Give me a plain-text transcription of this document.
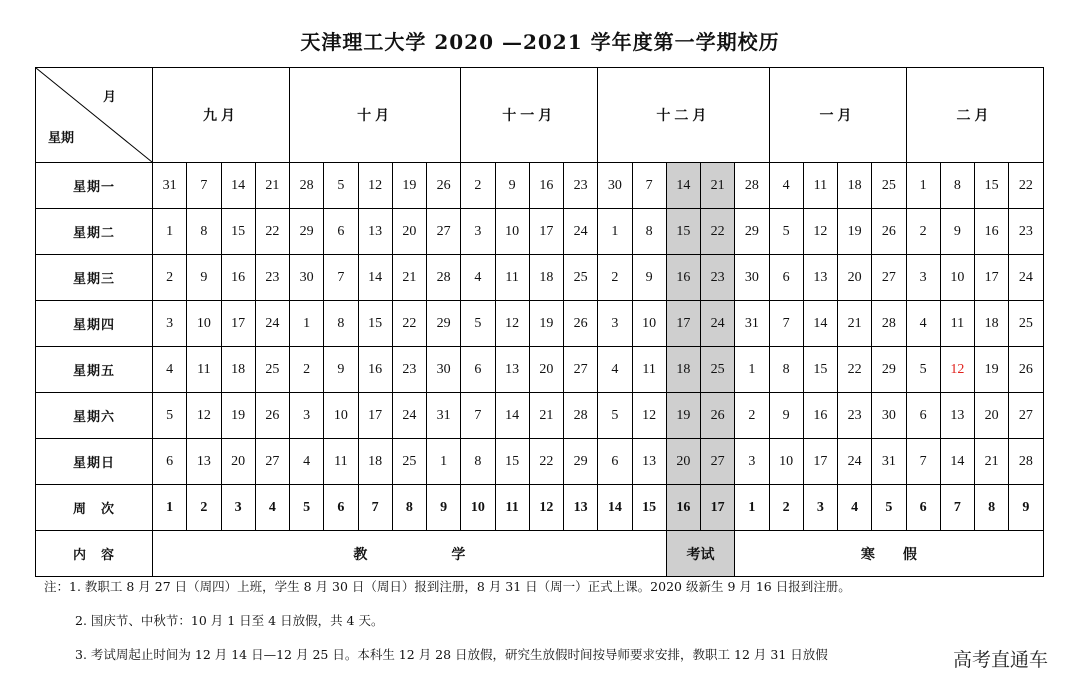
天津理工大学 2020 —2021 学年度第一学期校历
月
星期	九月				十月					十一月				十二月					一月				二月			
星期一	31	7	14	21	28	5	12	19	26	2	9	16	23	30	7	14	21	28	4	11	18	25	1	8	15	22
星期二	1	8	15	22	29	6	13	20	27	3	10	17	24	1	8	15	22	29	5	12	19	26	2	9	16	23
星期三	2	9	16	23	30	7	14	21	28	4	11	18	25	2	9	16	23	30	6	13	20	27	3	10	17	24
星期四	3	10	17	24	1	8	15	22	29	5	12	19	26	3	10	17	24	31	7	14	21	28	4	11	18	25
星期五	4	11	18	25	2	9	16	23	30	6	13	20	27	4	11	18	25	1	8	15	22	29	5	12	19	26
星期六	5	12	19	26	3	10	17	24	31	7	14	21	28	5	12	19	26	2	9	16	23	30	6	13	20	27
星期日	6	13	20	27	4	11	18	25	1	8	15	22	29	6	13	20	27	3	10	17	24	31	7	14	21	28
周　次	1	2	3	4	5	6	7	8	9	10	11	12	13	14	15	16	17	1	2	3	4	5	6	7	8	9
内　容	教　　　　　　学															考试		寒　　假								
注：1. 教职工 8 月 27 日（周四）上班，学生 8 月 30 日（周日）报到注册，8 月 31 日（周一）正式上课。2020 级新生 9 月 16 日报到注册。
2. 国庆节、中秋节：10 月 1 日至 4 日放假，共 4 天。
3. 考试周起止时间为 12 月 14 日—12 月 25 日。本科生 12 月 28 日放假，研究生放假时间按导师要求安排，教职工 12 月 31 日放假	高考直通车
